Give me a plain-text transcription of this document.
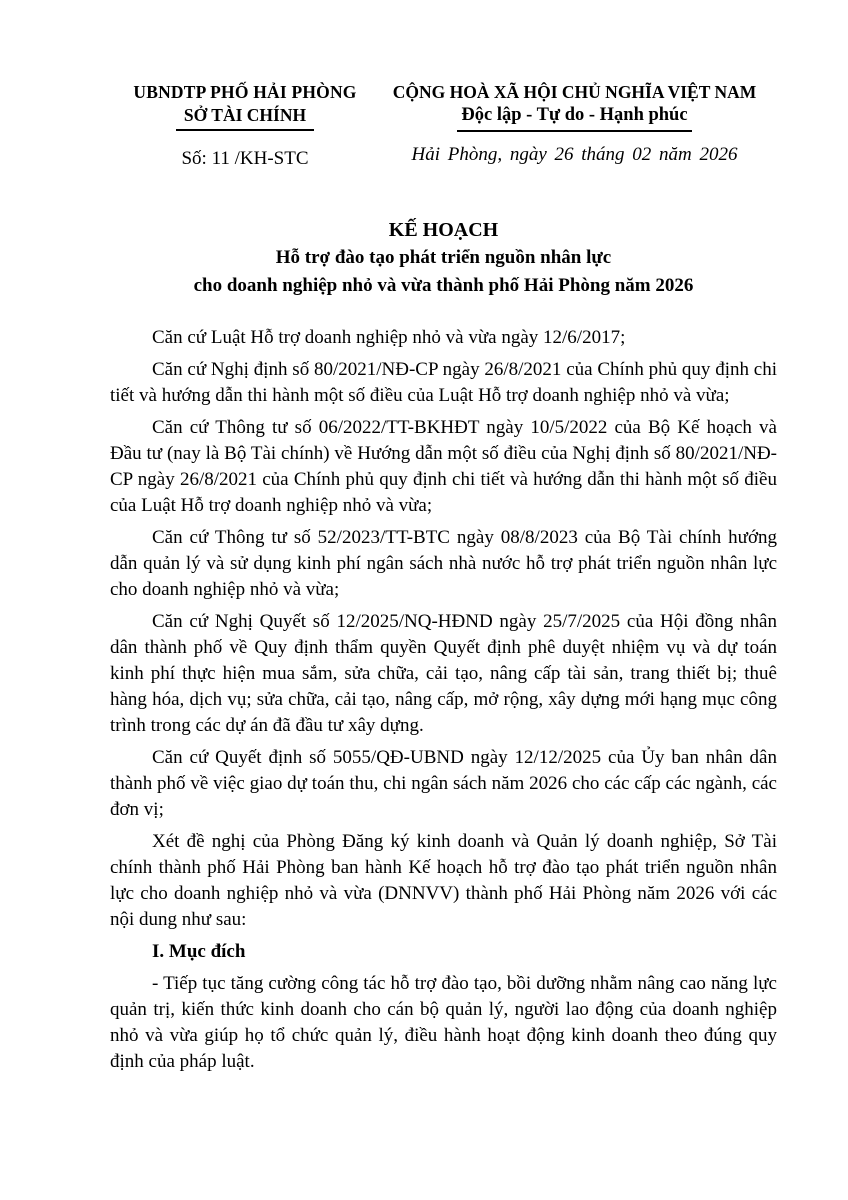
UBNDTP PHỐ HẢI PHÒNG
SỞ TÀI CHÍNH
Số: 11 /KH-STC
CỘNG HOÀ XÃ HỘI CHỦ NGHĨA VIỆT NAM
Độc lập - Tự do - Hạnh phúc
Hải Phòng, ngày 26 tháng 02 năm 2026
KẾ HOẠCH
Hỗ trợ đào tạo phát triển nguồn nhân lực
cho doanh nghiệp nhỏ và vừa thành phố Hải Phòng năm 2026

Căn cứ Luật Hỗ trợ doanh nghiệp nhỏ và vừa ngày 12/6/2017;

Căn cứ Nghị định số 80/2021/NĐ-CP ngày 26/8/2021 của Chính phủ quy định chi tiết và hướng dẫn thi hành một số điều của Luật Hỗ trợ doanh nghiệp nhỏ và vừa;

Căn cứ Thông tư số 06/2022/TT-BKHĐT ngày 10/5/2022 của Bộ Kế hoạch và Đầu tư (nay là Bộ Tài chính) về Hướng dẫn một số điều của Nghị định số 80/2021/NĐ-CP ngày 26/8/2021 của Chính phủ quy định chi tiết và hướng dẫn thi hành một số điều của Luật Hỗ trợ doanh nghiệp nhỏ và vừa;

Căn cứ Thông tư số 52/2023/TT-BTC ngày 08/8/2023 của Bộ Tài chính hướng dẫn quản lý và sử dụng kinh phí ngân sách nhà nước hỗ trợ phát triển nguồn nhân lực cho doanh nghiệp nhỏ và vừa;

Căn cứ Nghị Quyết số 12/2025/NQ-HĐND ngày 25/7/2025 của Hội đồng nhân dân thành phố về Quy định thẩm quyền Quyết định phê duyệt nhiệm vụ và dự toán kinh phí thực hiện mua sắm, sửa chữa, cải tạo, nâng cấp tài sản, trang thiết bị; thuê hàng hóa, dịch vụ; sửa chữa, cải tạo, nâng cấp, mở rộng, xây dựng mới hạng mục công trình trong các dự án đã đầu tư xây dựng.

Căn cứ Quyết định số 5055/QĐ-UBND ngày 12/12/2025 của Ủy ban nhân dân thành phố về việc giao dự toán thu, chi ngân sách năm 2026 cho các cấp các ngành, các đơn vị;

Xét đề nghị của Phòng Đăng ký kinh doanh và Quản lý doanh nghiệp, Sở Tài chính thành phố Hải Phòng ban hành Kế hoạch hỗ trợ đào tạo phát triển nguồn nhân lực cho doanh nghiệp nhỏ và vừa (DNNVV) thành phố Hải Phòng năm 2026 với các nội dung như sau:

I. Mục đích

- Tiếp tục tăng cường công tác hỗ trợ đào tạo, bồi dưỡng nhằm nâng cao năng lực quản trị, kiến thức kinh doanh cho cán bộ quản lý, người lao động của doanh nghiệp nhỏ và vừa giúp họ tổ chức quản lý, điều hành hoạt động kinh doanh theo đúng quy định của pháp luật.
